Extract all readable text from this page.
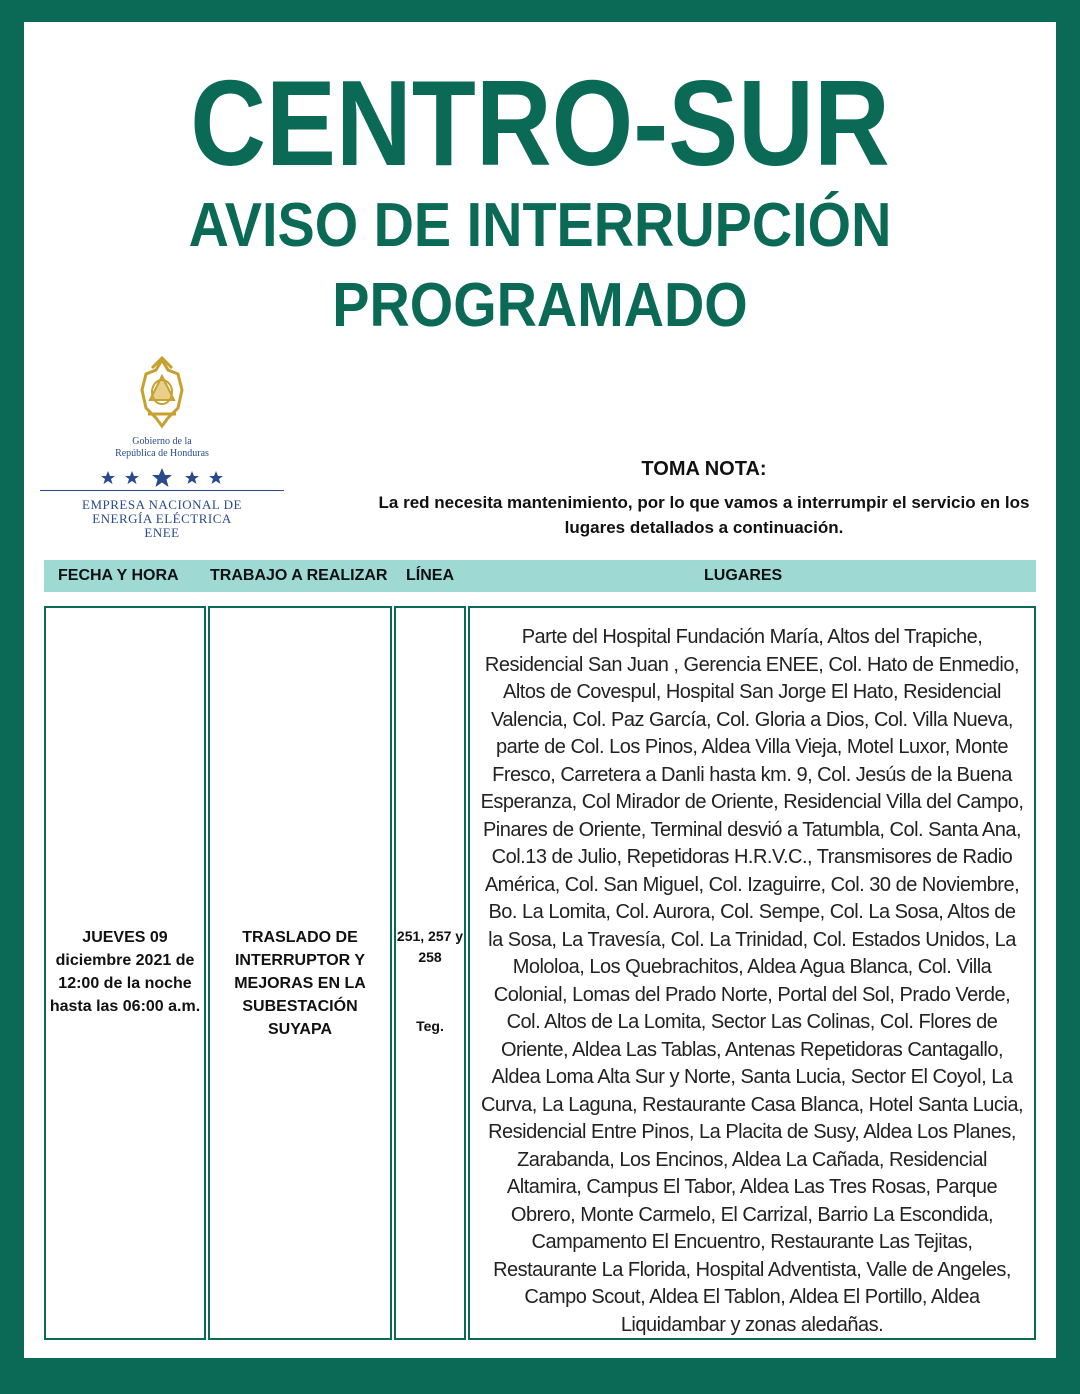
CENTRO-SUR
AVISO DE INTERRUPCIÓN
PROGRAMADO
Gobierno de la
República de Honduras
EMPRESA NACIONAL DE
ENERGÍA ELÉCTRICA
ENEE
TOMA NOTA:
La red necesita mantenimiento, por lo que vamos a interrumpir el servicio en los lugares detallados a continuación.
FECHA Y HORA TRABAJO A REALIZAR LÍNEA	LUGARES
JUEVES 09 diciembre 2021 de 12:00 de la noche hasta las 06:00 a.m.
TRASLADO DE INTERRUPTOR Y MEJORAS EN LA SUBESTACIÓN SUYAPA
251, 257 y 258
Teg.
Parte del Hospital Fundación María, Altos del Trapiche, Residencial San Juan , Gerencia ENEE, Col. Hato de Enmedio, Altos de Covespul, Hospital San Jorge El Hato, Residencial Valencia, Col. Paz García, Col. Gloria a Dios, Col. Villa Nueva, parte de Col. Los Pinos, Aldea Villa Vieja, Motel Luxor, Monte Fresco, Carretera a Danli hasta km. 9, Col. Jesús de la Buena Esperanza, Col Mirador de Oriente, Residencial Villa del Campo, Pinares de Oriente, Terminal desvió a Tatumbla, Col. Santa Ana, Col.13 de Julio, Repetidoras H.R.V.C., Transmisores de Radio América, Col. San Miguel, Col. Izaguirre, Col. 30 de Noviembre, Bo. La Lomita, Col. Aurora, Col. Sempe, Col. La Sosa, Altos de la Sosa, La Travesía, Col. La Trinidad, Col. Estados Unidos, La Mololoa, Los Quebrachitos, Aldea Agua Blanca, Col. Villa Colonial, Lomas del Prado Norte, Portal del Sol, Prado Verde, Col. Altos de La Lomita, Sector Las Colinas, Col. Flores de Oriente, Aldea Las Tablas, Antenas Repetidoras Cantagallo, Aldea Loma Alta Sur y Norte, Santa Lucia, Sector El Coyol, La Curva, La Laguna, Restaurante Casa Blanca, Hotel Santa Lucia, Residencial Entre Pinos, La Placita de Susy, Aldea Los Planes, Zarabanda, Los Encinos, Aldea La Cañada, Residencial Altamira, Campus El Tabor, Aldea Las Tres Rosas, Parque Obrero, Monte Carmelo, El Carrizal, Barrio La Escondida, Campamento El Encuentro, Restaurante Las Tejitas, Restaurante La Florida, Hospital Adventista, Valle de Angeles, Campo Scout, Aldea El Tablon, Aldea El Portillo, Aldea Liquidambar y zonas aledañas.
